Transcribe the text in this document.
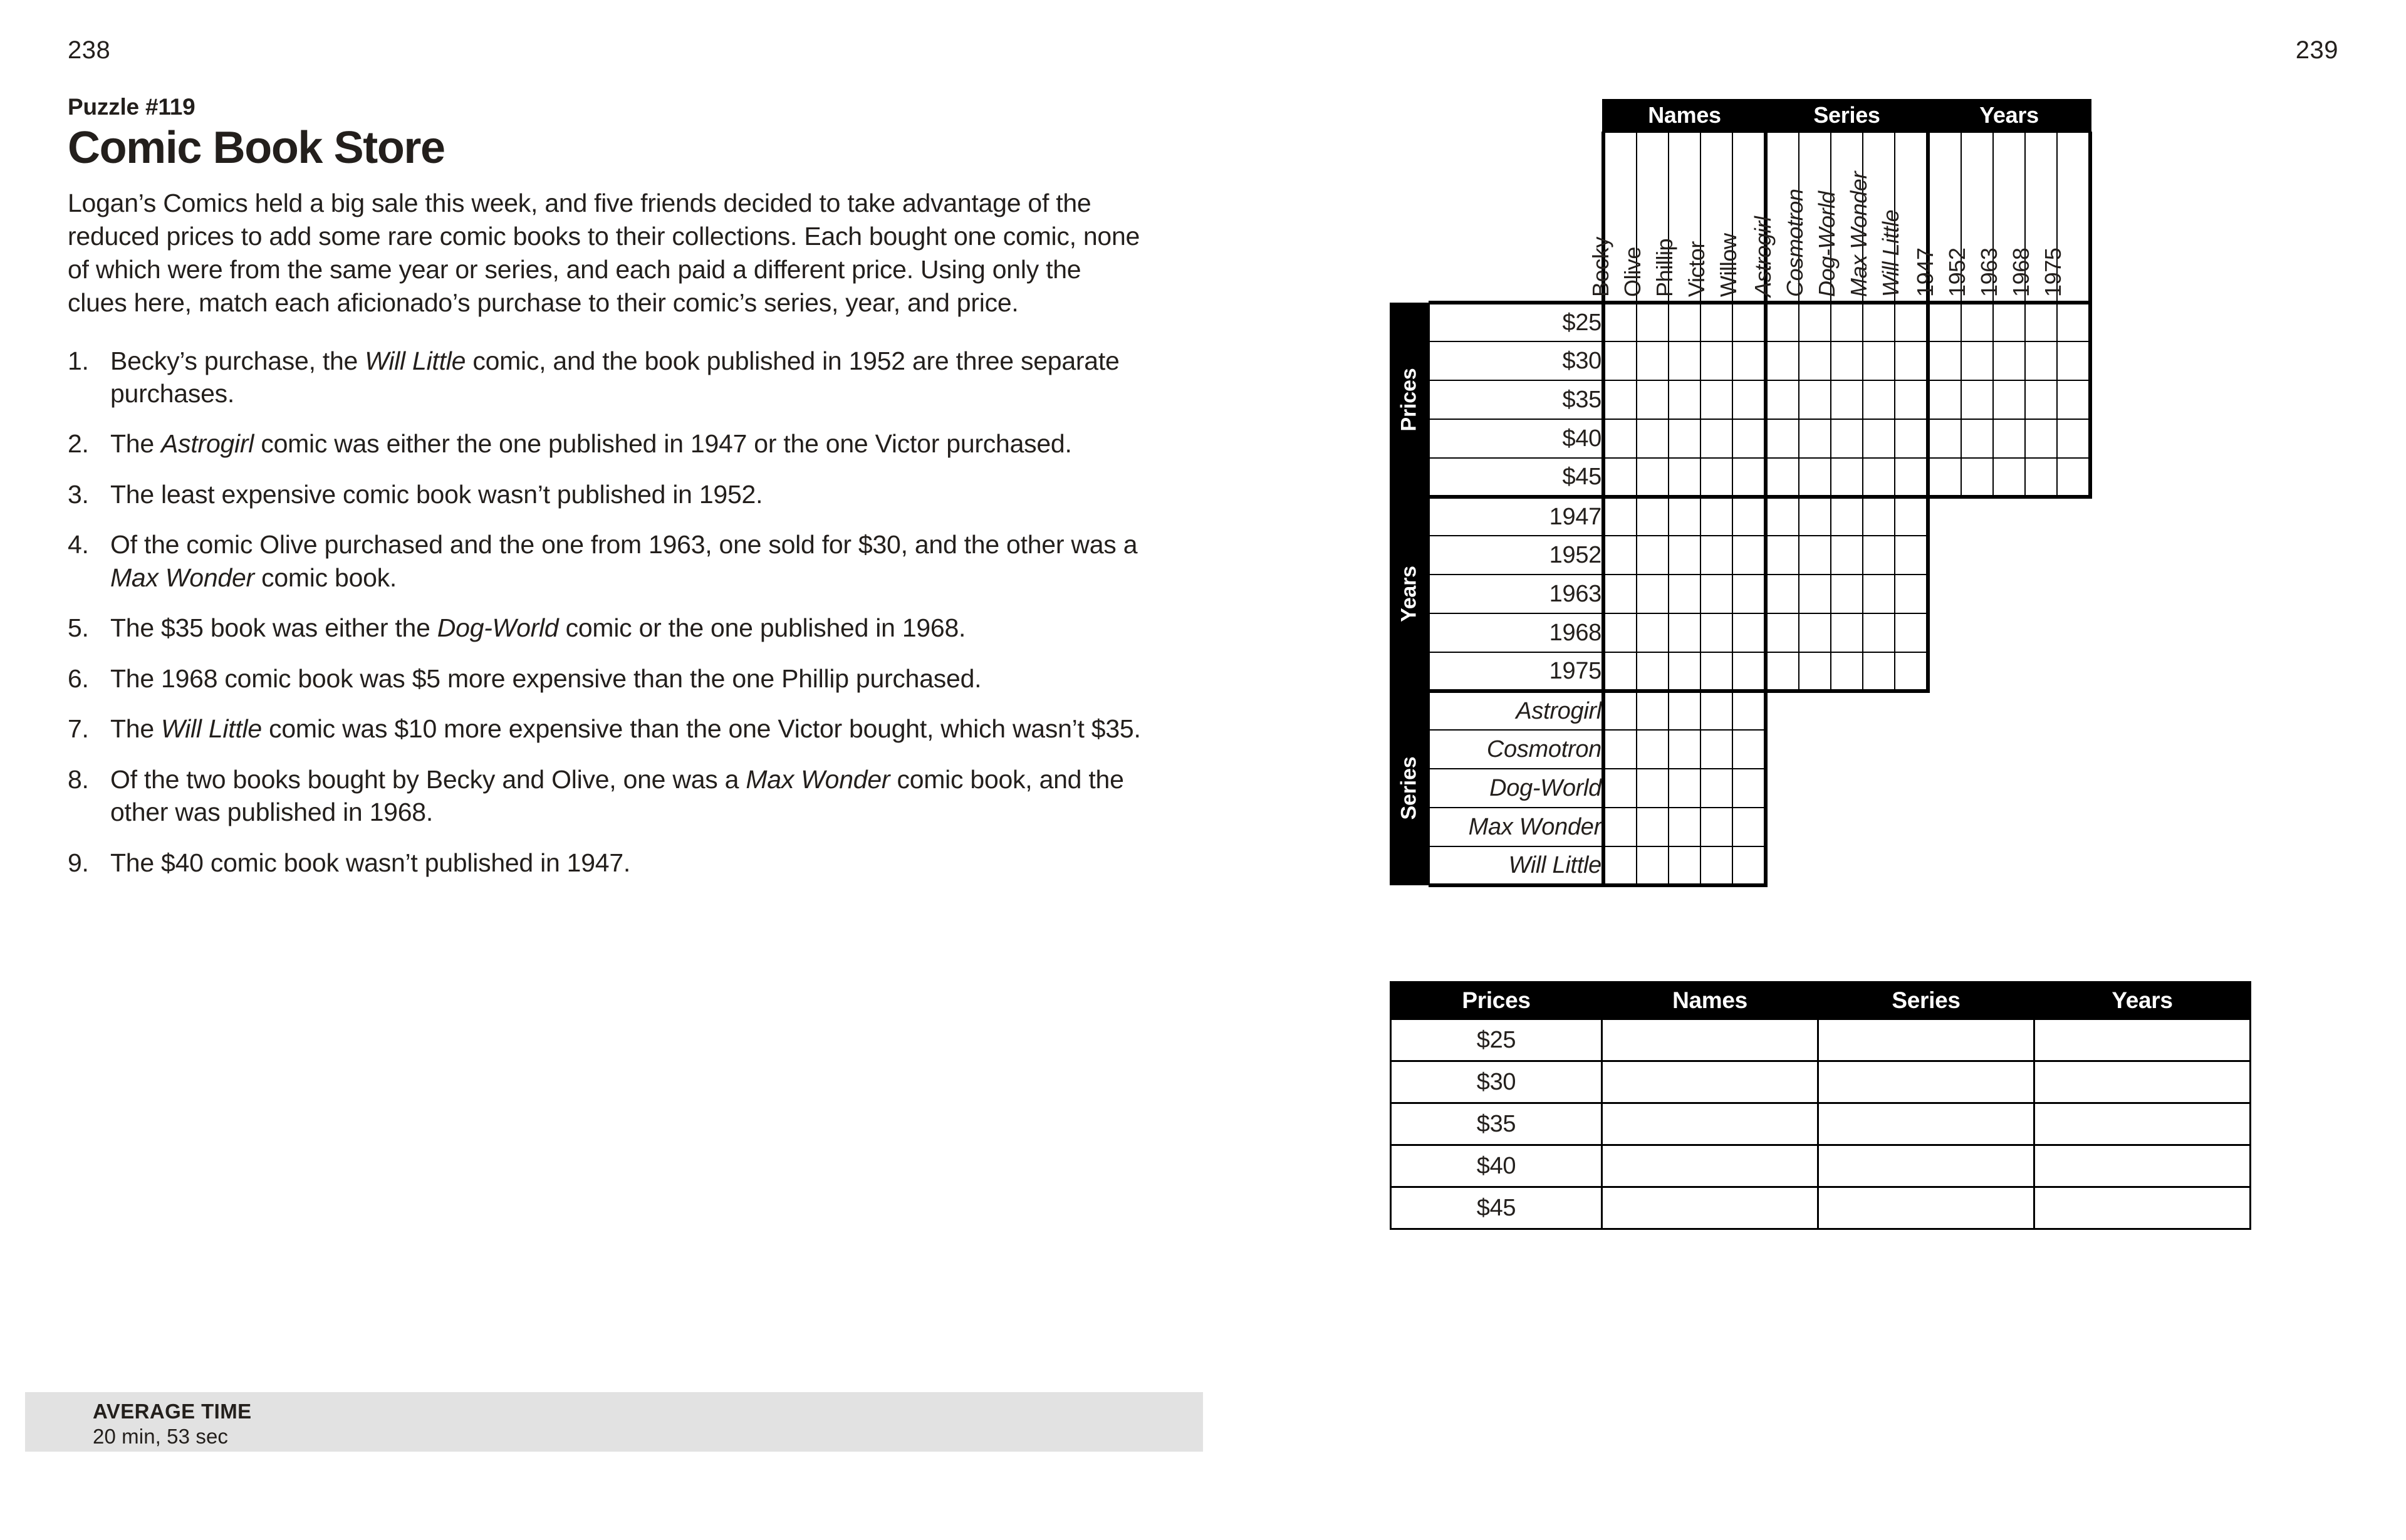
238	239
Puzzle #119
Comic Book Store

Logan’s Comics held a big sale this week, and five friends decided to take advantage of the reduced prices to add some rare comic books to their collections. Each bought one comic, none of which were from the same year or series, and each paid a different price. Using only the clues here, match each aficionado’s purchase to their comic’s series, year, and price.

1. Becky’s purchase, the Will Little comic, and the book published in 1952 are three separate purchases.
2. The Astrogirl comic was either the one published in 1947 or the one Victor purchased.
3. The least expensive comic book wasn’t published in 1952.
4. Of the comic Olive purchased and the one from 1963, one sold for $30, and the other was a Max Wonder comic book.
5. The $35 book was either the Dog-World comic or the one published in 1968.
6. The 1968 comic book was $5 more expensive than the one Phillip purchased.
7. The Will Little comic was $10 more expensive than the one Victor bought, which wasn’t $35.
8. Of the two books bought by Becky and Olive, one was a Max Wonder comic book, and the other was published in 1968.
9. The $40 comic book wasn’t published in 1947.
AVERAGE TIME
20 min, 53 sec
		Names					Series					Years				

		Becky	Olive	Phillip	Victor	Willow	Astrogirl	Cosmotron	Dog-World	Max Wonder	Will Little	1947	1952	1963	1968	1975

Prices	$25															
	$30															
	$35															
	$40															
	$45															

Years	1947															
	1952															
	1963															
	1968															
	1975															

Series	Astrogirl															
	Cosmotron															
	Dog-World															
	Max Wonder															
	Will Little															
Prices	Names	Series	Years
$25			
$30			
$35			
$40			
$45			
